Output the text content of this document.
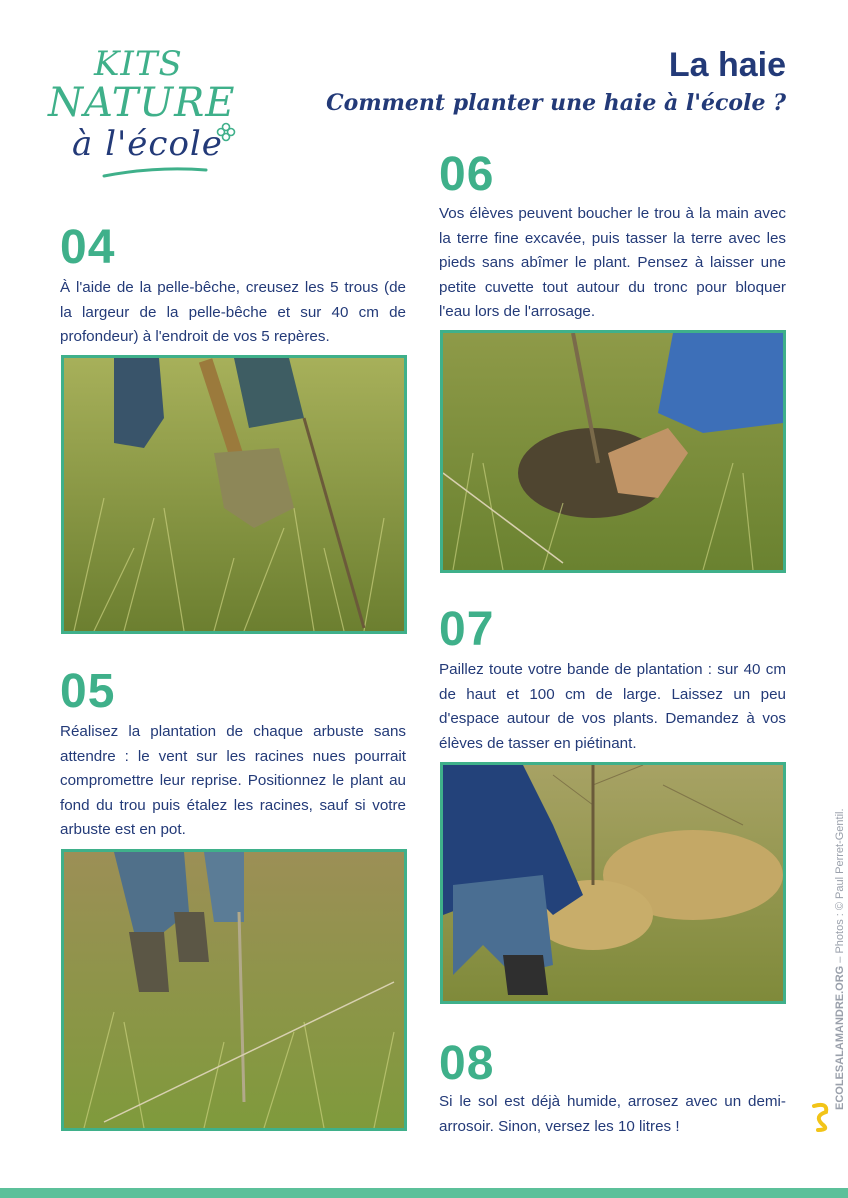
KITS
NATURE
à l'école
La haie
Comment planter une haie à l'école ?
04
À l'aide de la pelle-bêche, creusez les 5 trous (de la largeur de la pelle-bêche et sur 40 cm de profondeur) à l'endroit de vos 5 repères.
05
Réalisez la plantation de chaque arbuste sans attendre : le vent sur les racines nues pourrait compromettre leur reprise. Positionnez le plant au fond du trou puis étalez les racines, sauf si votre arbuste est en pot.
06
Vos élèves peuvent boucher le trou à la main avec la terre fine excavée, puis tasser la terre avec les pieds sans abîmer le plant. Pensez à laisser une petite cuvette tout autour du tronc pour bloquer l'eau lors de l'arrosage.
07
Paillez toute votre bande de plantation : sur 40 cm de haut et 100 cm de large. Laissez un peu d'espace autour de vos plants. Demandez à vos élèves de tasser en piétinant.
08
Si le sol est déjà humide, arrosez avec un demi-arrosoir. Sinon, versez les 10 litres !
ECOLESALAMANDRE.ORG – Photos : © Paul Perret-Gentil.
